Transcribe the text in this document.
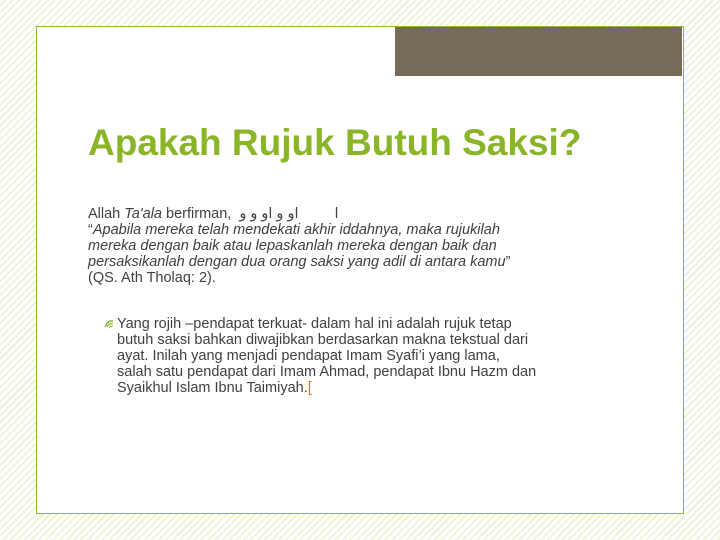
Apakah Rujuk Butuh Saksi?
Allah Ta'ala berfirman, ﺍﻭ ﻭ ﺍﻭ ﻭ ﻭ ﺍ
“Apabila mereka telah mendekati akhir iddahnya, maka rujukilah
mereka dengan baik atau lepaskanlah mereka dengan baik dan
persaksikanlah dengan dua orang saksi yang adil di antara kamu”
(QS. Ath Tholaq: 2).
Yang rojih –pendapat terkuat- dalam hal ini adalah rujuk tetap
butuh saksi bahkan diwajibkan berdasarkan makna tekstual dari
ayat. Inilah yang menjadi pendapat Imam Syafi’i yang lama,
salah satu pendapat dari Imam Ahmad, pendapat Ibnu Hazm dan
Syaikhul Islam Ibnu Taimiyah.[
